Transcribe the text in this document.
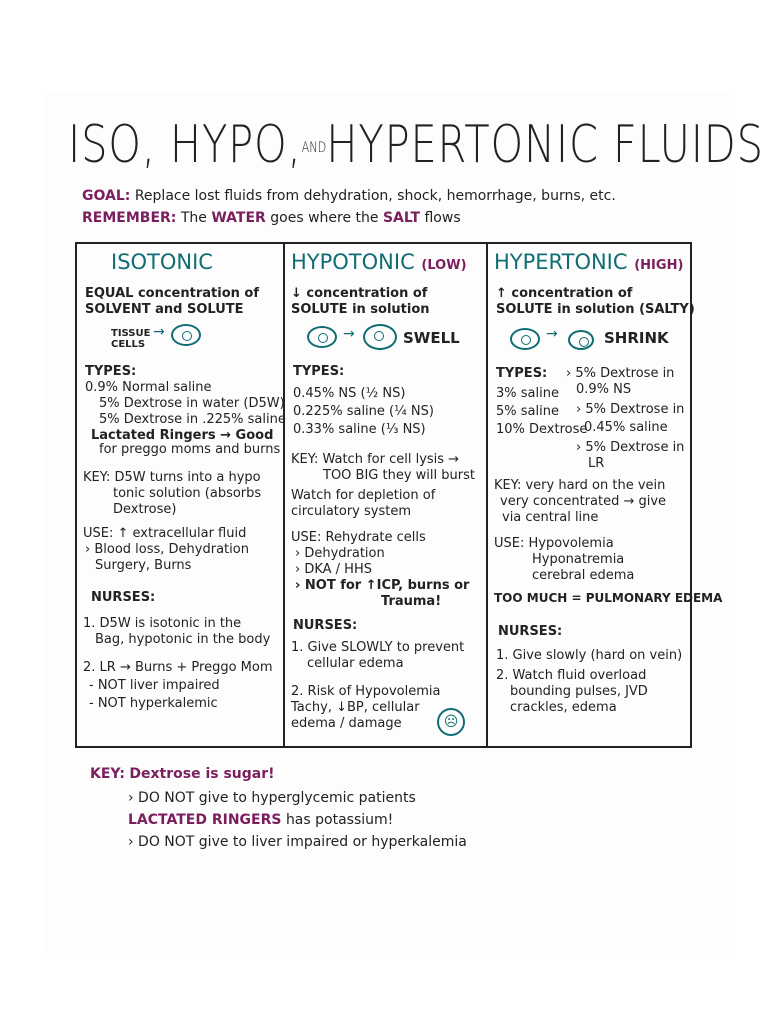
ISO, HYPO,ANDHYPERTONIC FLUIDS
GOAL: Replace lost fluids from dehydration, shock, hemorrhage, burns, etc.
REMEMBER: The WATER goes where the SALT flows
ISOTONIC
EQUAL concentration of
SOLVENT and SOLUTE
TISSUE
CELLS
→
TYPES:
0.9% Normal saline
5% Dextrose in water (D5W)
5% Dextrose in .225% saline
Lactated Ringers → Good
for preggo moms and burns
KEY: D5W turns into a hypo
tonic solution (absorbs
Dextrose)
USE: ↑ extracellular fluid
› Blood loss, Dehydration
Surgery, Burns
NURSES:
1. D5W is isotonic in the
Bag, hypotonic in the body
2. LR → Burns + Preggo Mom
- NOT liver impaired
- NOT hyperkalemic
HYPOTONIC (LOW)
↓ concentration of
SOLUTE in solution
→	SWELL
TYPES:
0.45% NS (½ NS)
0.225% saline (¼ NS)
0.33% saline (⅓ NS)
KEY: Watch for cell lysis →
TOO BIG they will burst
Watch for depletion of
circulatory system
USE: Rehydrate cells
› Dehydration
› DKA / HHS
› NOT for ↑ICP, burns or
Trauma!
NURSES:
1. Give SLOWLY to prevent
cellular edema
2. Risk of Hypovolemia
Tachy, ↓BP, cellular
edema / damage	☹
HYPERTONIC (HIGH)
↑ concentration of
SOLUTE in solution (SALTY)
→	SHRINK
TYPES: › 5% Dextrose in
0.9% NS
3% saline
5% saline › 5% Dextrose in
10% Dextrose
0.45% saline
› 5% Dextrose in
LR
KEY: very hard on the vein
very concentrated → give
via central line
USE: Hypovolemia
Hyponatremia
cerebral edema
TOO MUCH = PULMONARY EDEMA
NURSES:
1. Give slowly (hard on vein)
2. Watch fluid overload
bounding pulses, JVD
crackles, edema
KEY: Dextrose is sugar!
› DO NOT give to hyperglycemic patients
LACTATED RINGERS has potassium!
› DO NOT give to liver impaired or hyperkalemia
